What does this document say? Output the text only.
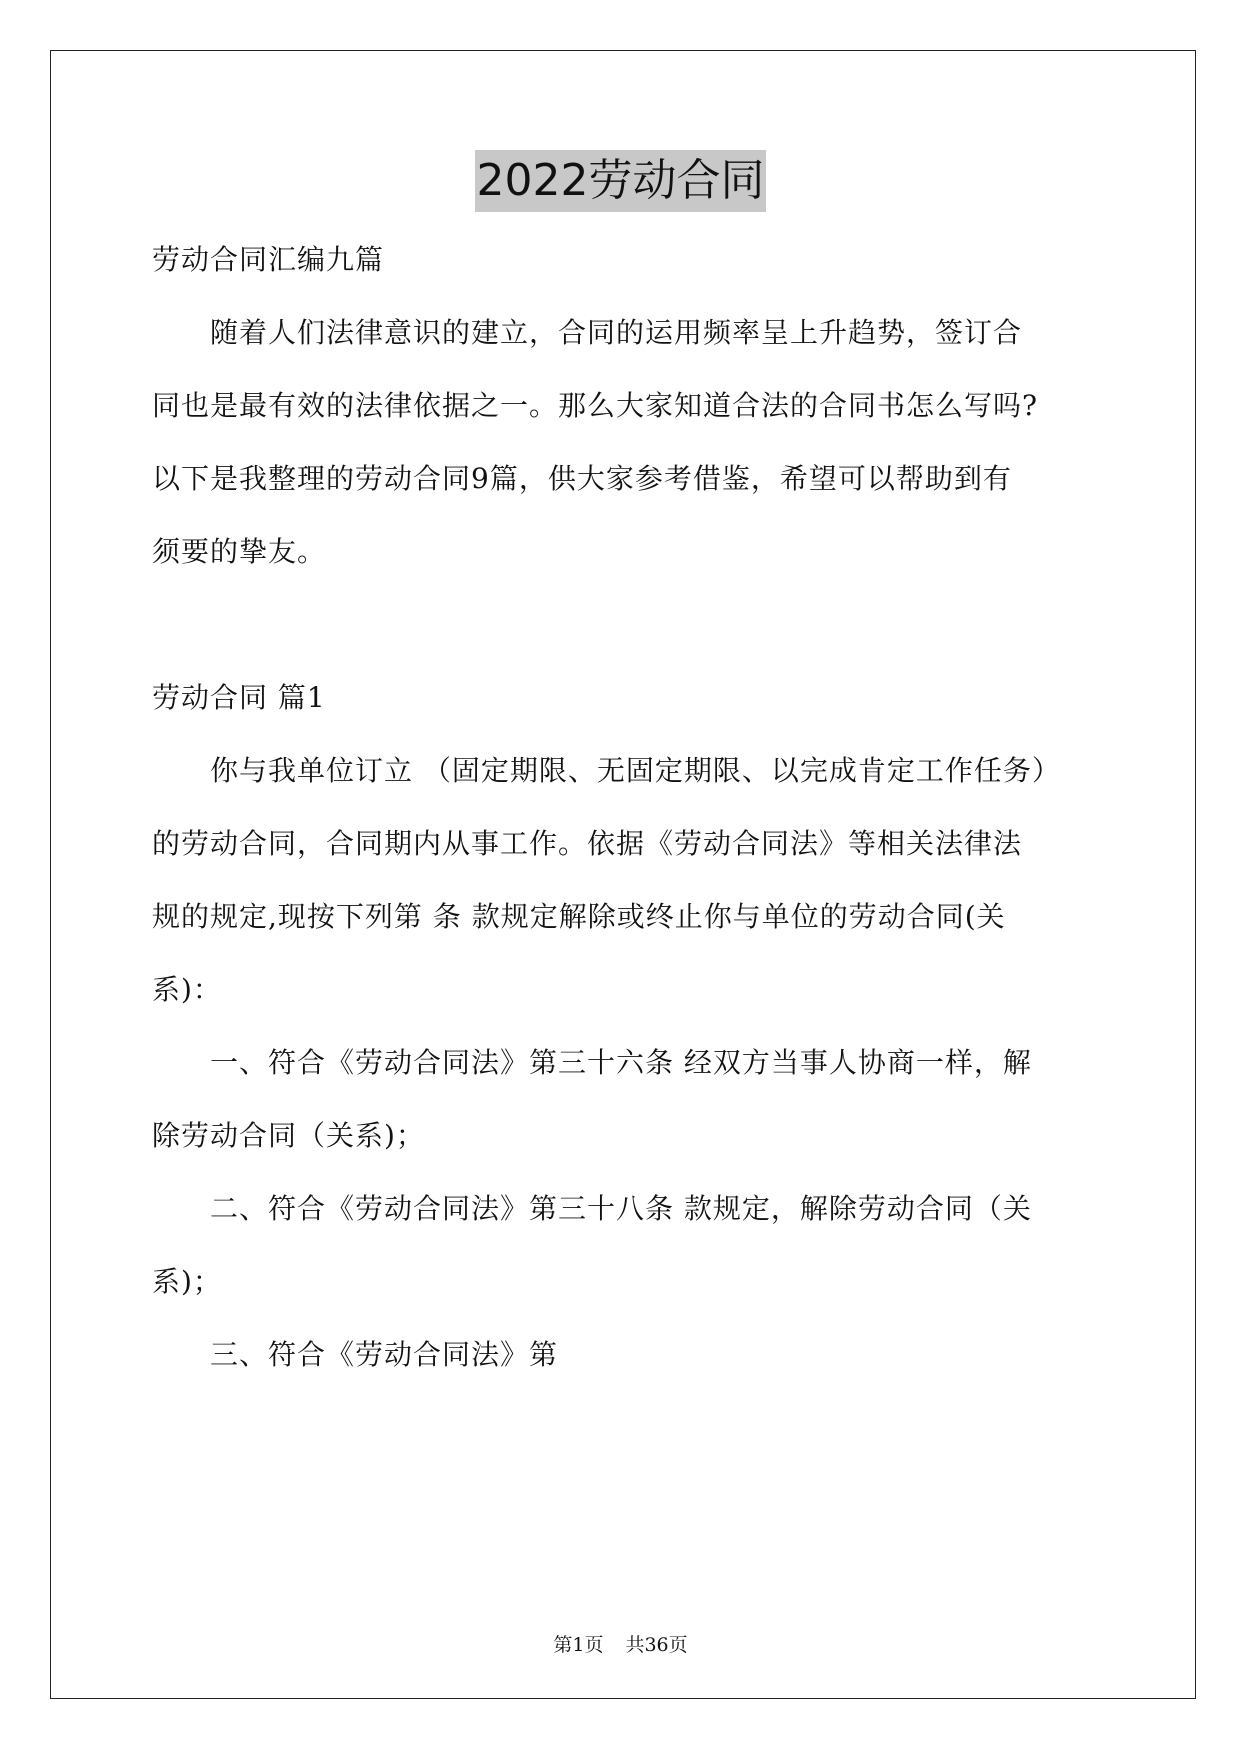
2022劳动合同
劳动合同汇编九篇
　　随着人们法律意识的建立，合同的运用频率呈上升趋势，签订合
同也是最有效的法律依据之一。那么大家知道合法的合同书怎么写吗?
以下是我整理的劳动合同9篇，供大家参考借鉴，希望可以帮助到有
须要的挚友。
劳动合同 篇1
　　你与我单位订立 （固定期限、无固定期限、以完成肯定工作任务）
的劳动合同，合同期内从事工作。依据《劳动合同法》等相关法律法
规的规定,现按下列第 条 款规定解除或终止你与单位的劳动合同(关
系)：
　　一、符合《劳动合同法》第三十六条 经双方当事人协商一样，解
除劳动合同（关系)；
　　二、符合《劳动合同法》第三十八条 款规定，解除劳动合同（关
系)；
　　三、符合《劳动合同法》第
第1页 共36页
